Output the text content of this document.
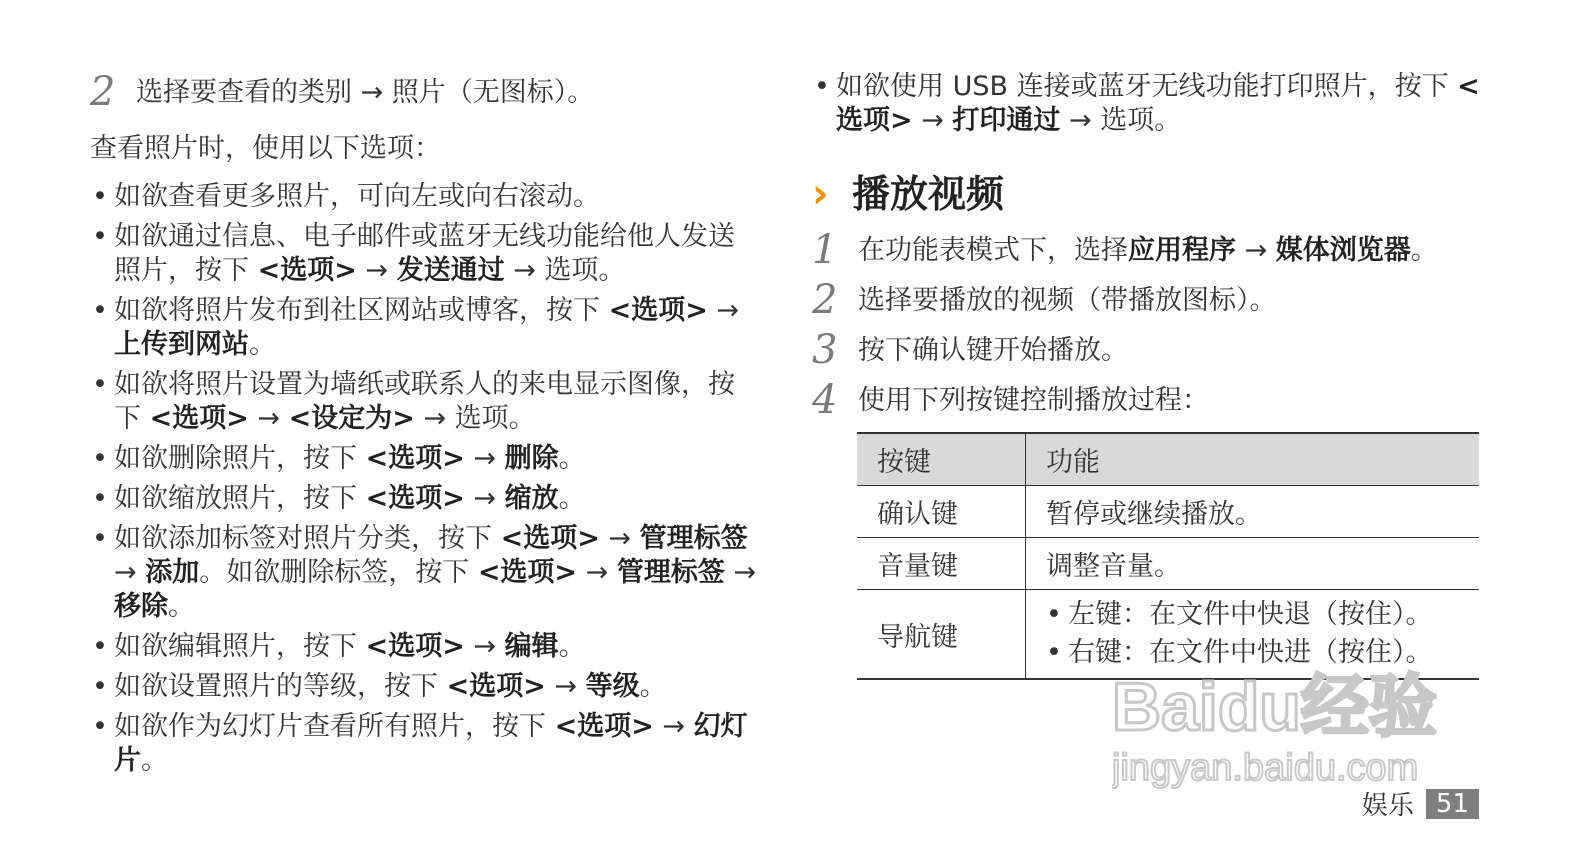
2 选择要查看的类别 → 照片（无图标）。
查看照片时，使用以下选项：
• 如欲查看更多照片，可向左或向右滚动。
• 如欲通过信息、电子邮件或蓝牙无线功能给他人发送照片，按下 <选项> → 发送通过 → 选项。
• 如欲将照片发布到社区网站或博客，按下 <选项> → 上传到网站。
• 如欲将照片设置为墙纸或联系人的来电显示图像，按下 <选项> → <设定为> → 选项。
• 如欲删除照片，按下 <选项> → 删除。
• 如欲缩放照片，按下 <选项> → 缩放。
• 如欲添加标签对照片分类，按下 <选项> → 管理标签 → 添加。如欲删除标签，按下 <选项> → 管理标签 → 移除。
• 如欲编辑照片，按下 <选项> → 编辑。
• 如欲设置照片的等级，按下 <选项> → 等级。
• 如欲作为幻灯片查看所有照片，按下 <选项> → 幻灯片。
• 如欲使用 USB 连接或蓝牙无线功能打印照片，按下 <选项> → 打印通过 → 选项。
› 播放视频
1 在功能表模式下，选择应用程序 → 媒体浏览器。
2 选择要播放的视频（带播放图标）。
3 按下确认键开始播放。
4 使用下列按键控制播放过程：
按键	功能
确认键	暂停或继续播放。
音量键	调整音量。
导航键	• 左键：在文件中快退（按住）。
• 右键：在文件中快进（按住）。
Baidu经验
jingyan.baidu.com
娱乐 51
